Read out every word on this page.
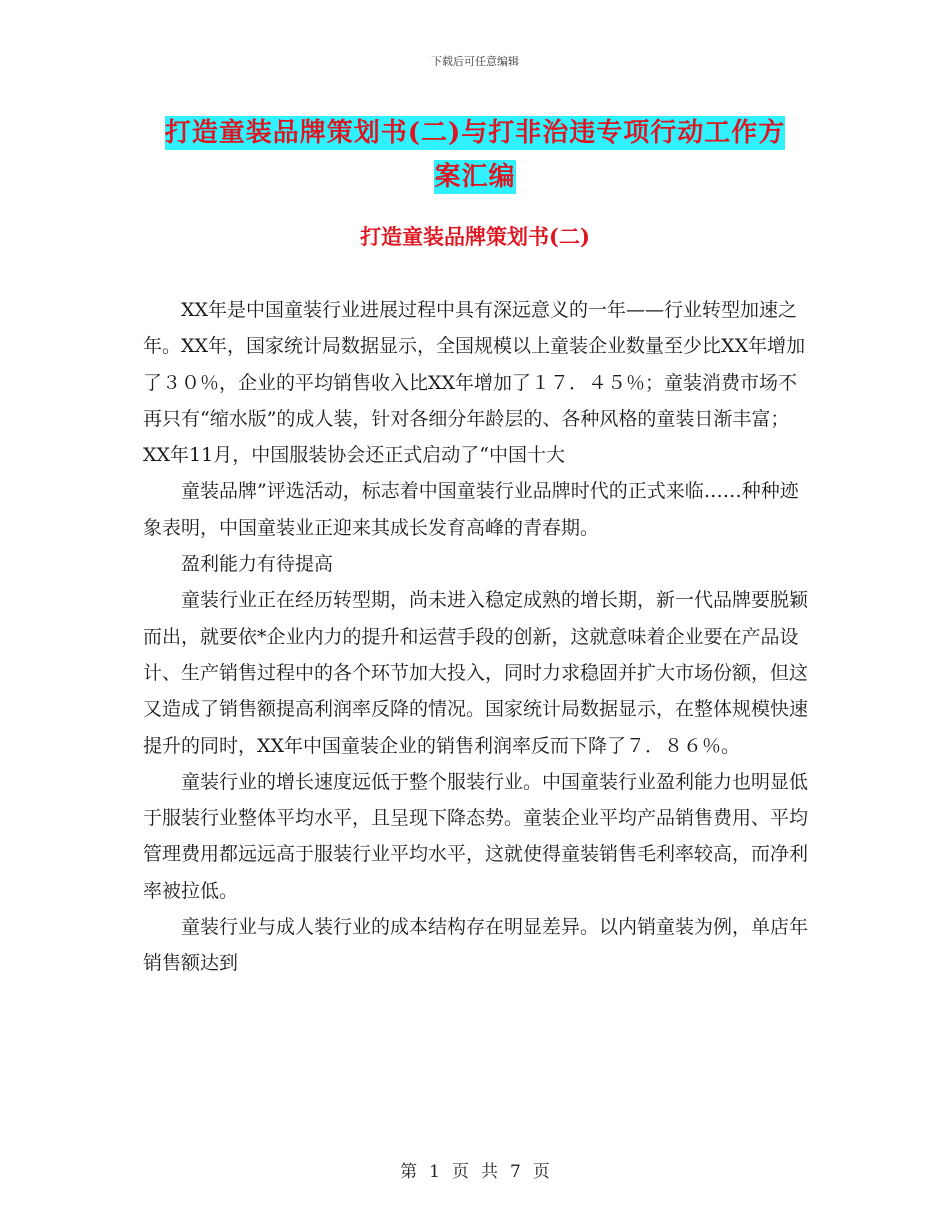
下载后可任意编辑
打造童装品牌策划书(二)与打非治违专项行动工作方
案汇编
打造童装品牌策划书(二)

XX年是中国童装行业进展过程中具有深远意义的一年——行业转型加速之年。XX年，国家统计局数据显示，全国规模以上童装企业数量至少比XX年增加了３０％，企业的平均销售收入比XX年增加了１７．４５％；童装消费市场不再只有“缩水版”的成人装，针对各细分年龄层的、各种风格的童装日渐丰富；XX年11月，中国服装协会还正式启动了“中国十大

童装品牌”评选活动，标志着中国童装行业品牌时代的正式来临……种种迹象表明，中国童装业正迎来其成长发育高峰的青春期。

盈利能力有待提高

童装行业正在经历转型期，尚未进入稳定成熟的增长期，新一代品牌要脱颖而出，就要依*企业内力的提升和运营手段的创新，这就意味着企业要在产品设计、生产销售过程中的各个环节加大投入，同时力求稳固并扩大市场份额，但这又造成了销售额提高利润率反降的情况。国家统计局数据显示，在整体规模快速提升的同时，XX年中国童装企业的销售利润率反而下降了７．８６％。

童装行业的增长速度远低于整个服装行业。中国童装行业盈利能力也明显低于服装行业整体平均水平，且呈现下降态势。童装企业平均产品销售费用、平均管理费用都远远高于服装行业平均水平，这就使得童装销售毛利率较高，而净利率被拉低。

童装行业与成人装行业的成本结构存在明显差异。以内销童装为例，单店年销售额达到

第 1 页 共 7 页
